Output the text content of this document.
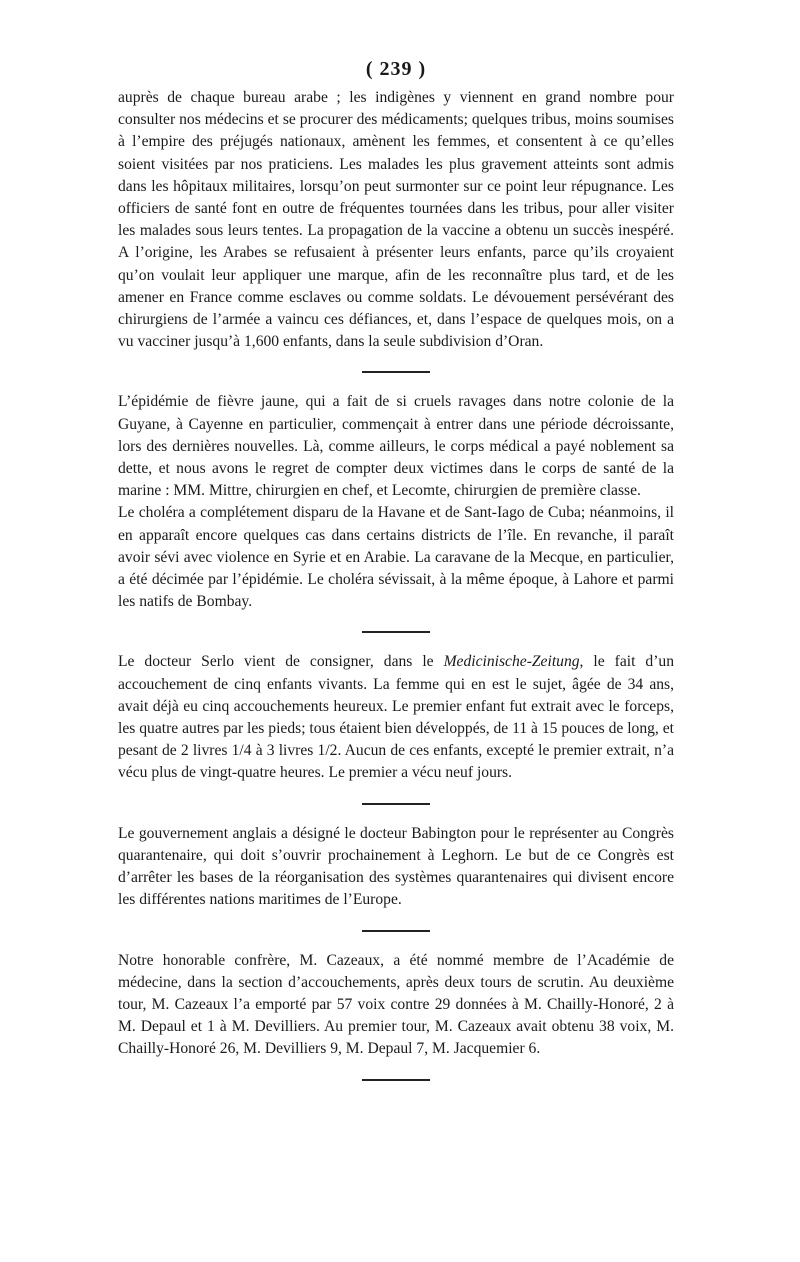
( 239 )

auprès de chaque bureau arabe ; les indigènes y viennent en grand nombre pour consulter nos médecins et se procurer des médicaments; quelques tribus, moins soumises à l’empire des préjugés nationaux, amènent les femmes, et consentent à ce qu’elles soient visitées par nos praticiens. Les malades les plus gravement atteints sont admis dans les hôpitaux militaires, lorsqu’on peut surmonter sur ce point leur répugnance. Les officiers de santé font en outre de fréquentes tournées dans les tribus, pour aller visiter les malades sous leurs tentes. La propagation de la vaccine a obtenu un succès inespéré. A l’origine, les Arabes se refusaient à présenter leurs enfants, parce qu’ils croyaient qu’on voulait leur appliquer une marque, afin de les reconnaître plus tard, et de les amener en France comme esclaves ou comme soldats. Le dévouement persévérant des chirurgiens de l’armée a vaincu ces défiances, et, dans l’espace de quelques mois, on a vu vacciner jusqu’à 1,600 enfants, dans la seule subdivision d’Oran.

L’épidémie de fièvre jaune, qui a fait de si cruels ravages dans notre colonie de la Guyane, à Cayenne en particulier, commençait à entrer dans une période décroissante, lors des dernières nouvelles. Là, comme ailleurs, le corps médical a payé noblement sa dette, et nous avons le regret de compter deux victimes dans le corps de santé de la marine : MM. Mittre, chirurgien en chef, et Lecomte, chirurgien de première classe.

Le choléra a complétement disparu de la Havane et de Sant-Iago de Cuba; néanmoins, il en apparaît encore quelques cas dans certains districts de l’île. En revanche, il paraît avoir sévi avec violence en Syrie et en Arabie. La caravane de la Mecque, en particulier, a été décimée par l’épidémie. Le choléra sévissait, à la même époque, à Lahore et parmi les natifs de Bombay.

Le docteur Serlo vient de consigner, dans le Medicinische-Zeitung, le fait d’un accouchement de cinq enfants vivants. La femme qui en est le sujet, âgée de 34 ans, avait déjà eu cinq accouchements heureux. Le premier enfant fut extrait avec le forceps, les quatre autres par les pieds; tous étaient bien développés, de 11 à 15 pouces de long, et pesant de 2 livres 1/4 à 3 livres 1/2. Aucun de ces enfants, excepté le premier extrait, n’a vécu plus de vingt-quatre heures. Le premier a vécu neuf jours.

Le gouvernement anglais a désigné le docteur Babington pour le représenter au Congrès quarantenaire, qui doit s’ouvrir prochainement à Leghorn. Le but de ce Congrès est d’arrêter les bases de la réorganisation des systèmes quarantenaires qui divisent encore les différentes nations maritimes de l’Europe.

Notre honorable confrère, M. Cazeaux, a été nommé membre de l’Académie de médecine, dans la section d’accouchements, après deux tours de scrutin. Au deuxième tour, M. Cazeaux l’a emporté par 57 voix contre 29 données à M. Chailly-Honoré, 2 à M. Depaul et 1 à M. Devilliers. Au premier tour, M. Cazeaux avait obtenu 38 voix, M. Chailly-Honoré 26, M. Devilliers 9, M. Depaul 7, M. Jacquemier 6.
